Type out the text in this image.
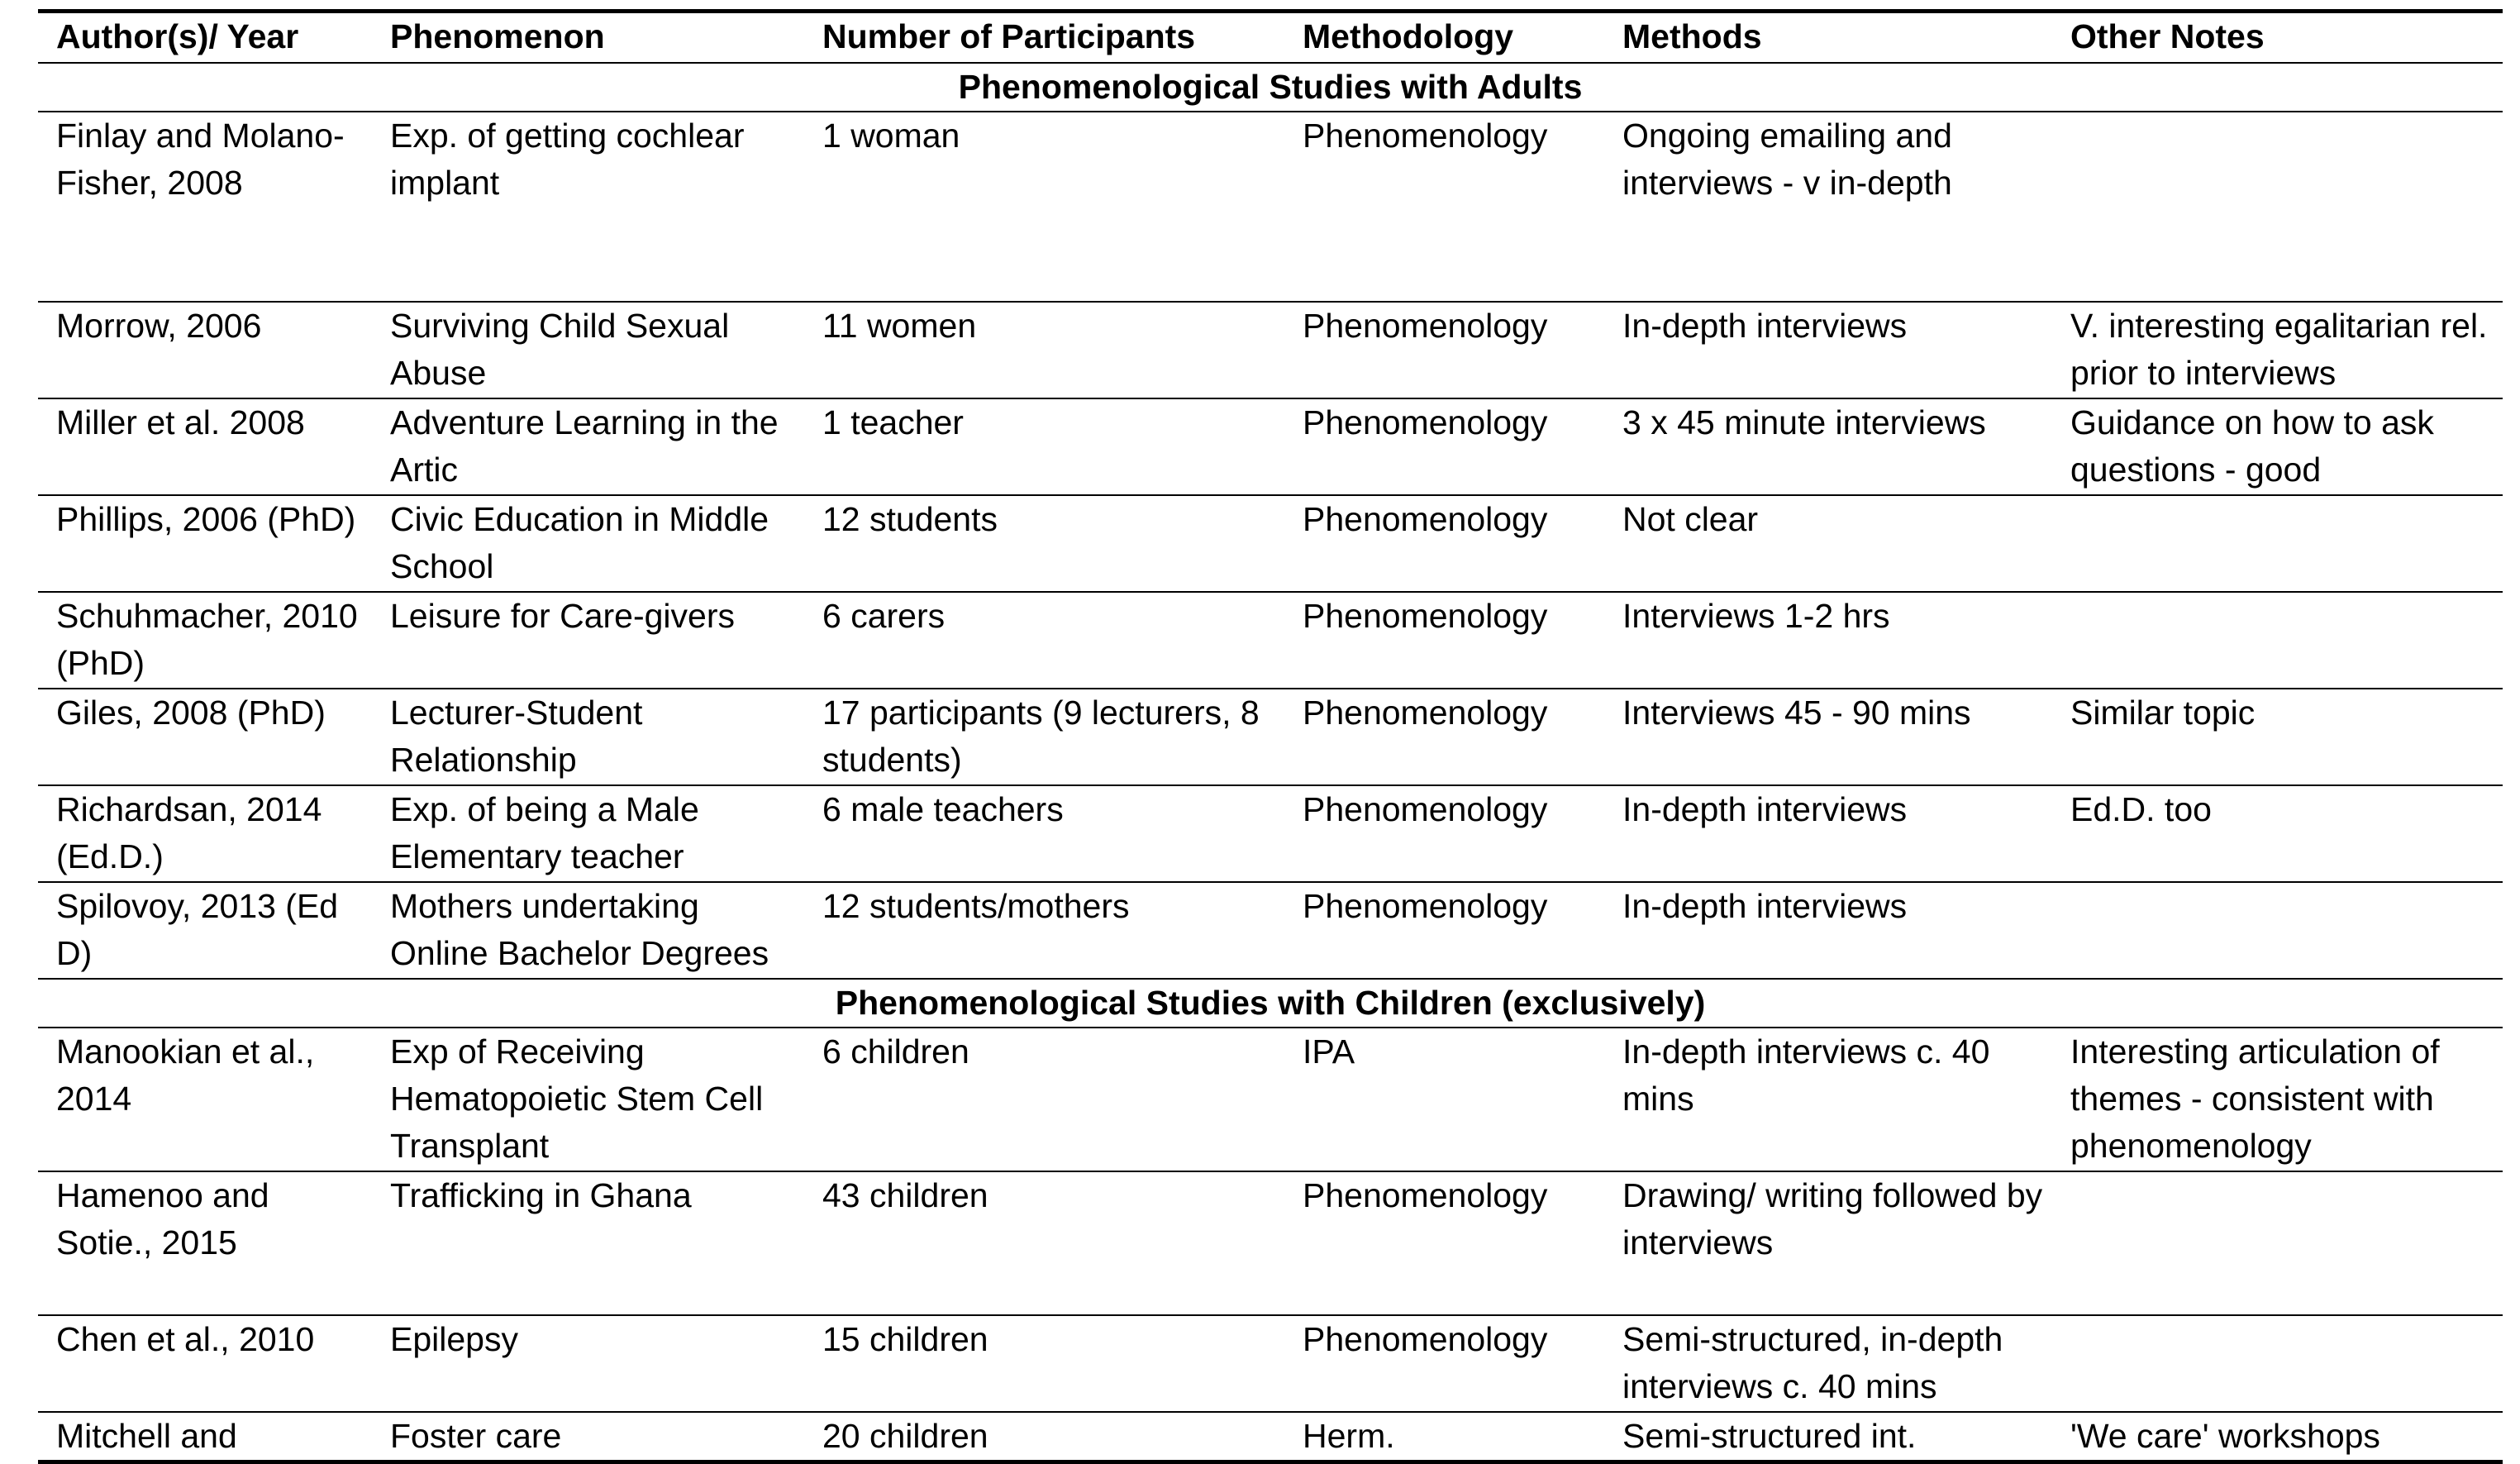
Author(s)/ Year	Phenomenon	Number of Participants	Methodology	Methods	Other Notes
Phenomenological Studies with Adults					
Finlay and Molano-Fisher, 2008	Exp. of getting cochlear implant	1 woman	Phenomenology	Ongoing emailing and interviews - v in-depth	
Morrow, 2006	Surviving Child Sexual Abuse	11 women	Phenomenology	In-depth interviews	V. interesting egalitarian rel. prior to interviews
Miller et al. 2008	Adventure Learning in the Artic	1 teacher	Phenomenology	3 x 45 minute interviews	Guidance on how to ask questions - good
Phillips, 2006 (PhD)	Civic Education in Middle School	12 students	Phenomenology	Not clear	
Schuhmacher, 2010 (PhD)	Leisure for Care-givers	6 carers	Phenomenology	Interviews 1-2 hrs	
Giles, 2008 (PhD)	Lecturer-Student Relationship	17 participants (9 lecturers, 8 students)	Phenomenology	Interviews 45 - 90 mins	Similar topic
Richardsan, 2014 (Ed.D.)	Exp. of being a Male Elementary teacher	6 male teachers	Phenomenology	In-depth interviews	Ed.D. too
Spilovoy, 2013 (Ed D)	Mothers undertaking Online Bachelor Degrees	12 students/mothers	Phenomenology	In-depth interviews	
Phenomenological Studies with Children (exclusively)					
Manookian et al., 2014	Exp of Receiving Hematopoietic Stem Cell Transplant	6 children	IPA	In-depth interviews c. 40 mins	Interesting articulation of themes - consistent with phenomenology
Hamenoo and Sotie., 2015	Trafficking in Ghana	43 children	Phenomenology	Drawing/ writing followed by interviews	
Chen et al., 2010	Epilepsy	15 children	Phenomenology	Semi-structured, in-depth interviews c. 40 mins	
Mitchell and	Foster care	20 children	Herm.	Semi-structured int.	'We care' workshops
